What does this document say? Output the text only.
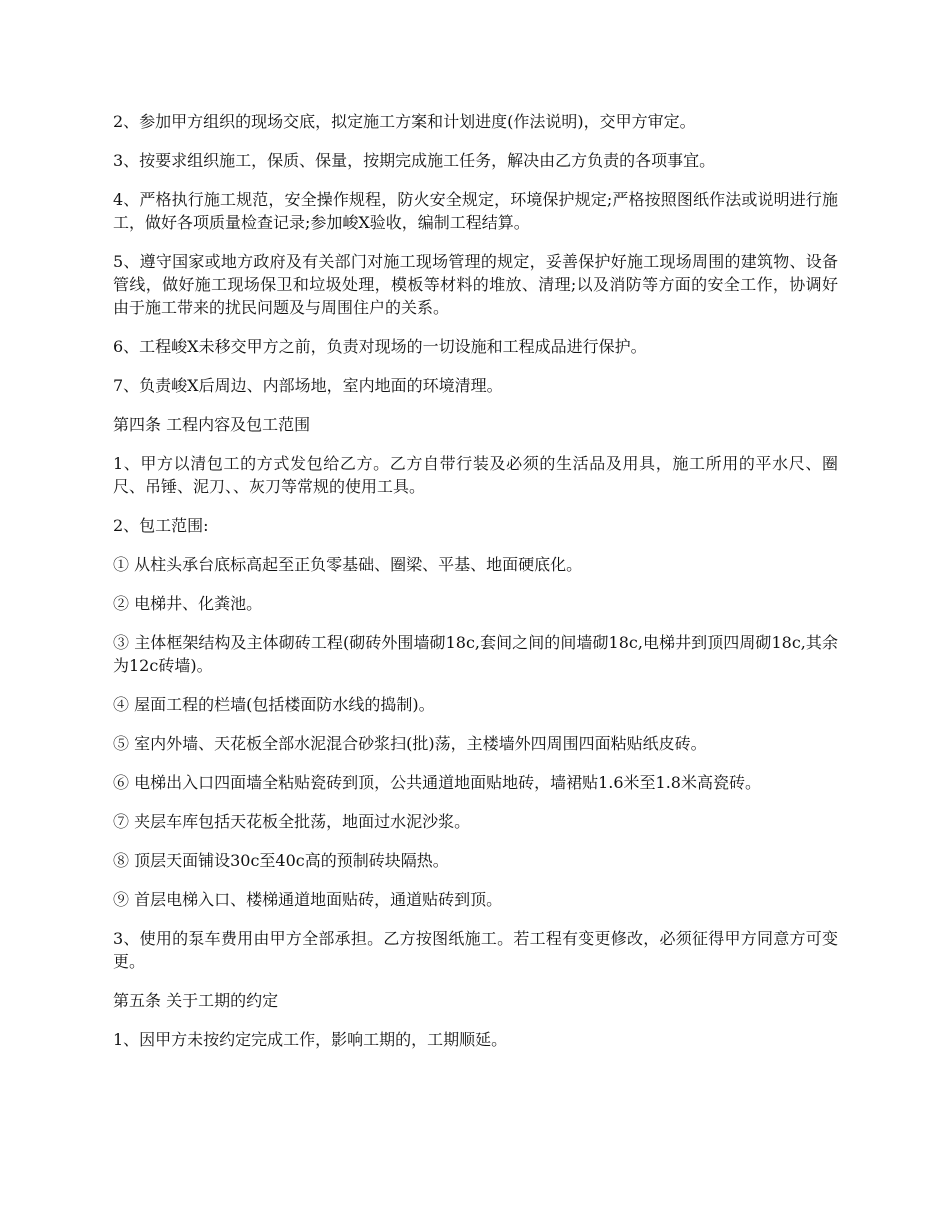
2、参加甲方组织的现场交底，拟定施工方案和计划进度(作法说明)，交甲方审定。

3、按要求组织施工，保质、保量，按期完成施工任务，解决由乙方负责的各项事宜。

4、严格执行施工规范，安全操作规程，防火安全规定，环境保护规定;严格按照图纸作法或说明进行施工，做好各项质量检查记录;参加峻X验收，编制工程结算。

5、遵守国家或地方政府及有关部门对施工现场管理的规定，妥善保护好施工现场周围的建筑物、设备管线，做好施工现场保卫和垃圾处理，模板等材料的堆放、清理;以及消防等方面的安全工作，协调好由于施工带来的扰民问题及与周围住户的关系。

6、工程峻X未移交甲方之前，负责对现场的一切设施和工程成品进行保护。

7、负责峻X后周边、内部场地，室内地面的环境清理。

第四条 工程内容及包工范围

1、甲方以清包工的方式发包给乙方。乙方自带行装及必须的生活品及用具，施工所用的平水尺、圈尺、吊锤、泥刀、、灰刀等常规的使用工具。

2、包工范围:

① 从柱头承台底标高起至正负零基础、圈梁、平基、地面硬底化。

② 电梯井、化粪池。

③ 主体框架结构及主体砌砖工程(砌砖外围墙砌18c,套间之间的间墙砌18c,电梯井到顶四周砌18c,其余为12c砖墙)。

④ 屋面工程的栏墙(包括楼面防水线的捣制)。

⑤ 室内外墙、天花板全部水泥混合砂浆扫(批)荡，主楼墙外四周围四面粘贴纸皮砖。

⑥ 电梯出入口四面墙全粘贴瓷砖到顶，公共通道地面贴地砖，墙裙贴1.6米至1.8米高瓷砖。

⑦ 夹层车库包括天花板全批荡，地面过水泥沙浆。

⑧ 顶层天面铺设30c至40c高的预制砖块隔热。

⑨ 首层电梯入口、楼梯通道地面贴砖，通道贴砖到顶。

3、使用的泵车费用由甲方全部承担。乙方按图纸施工。若工程有变更修改，必须征得甲方同意方可变更。

第五条 关于工期的约定

1、因甲方未按约定完成工作，影响工期的，工期顺延。
